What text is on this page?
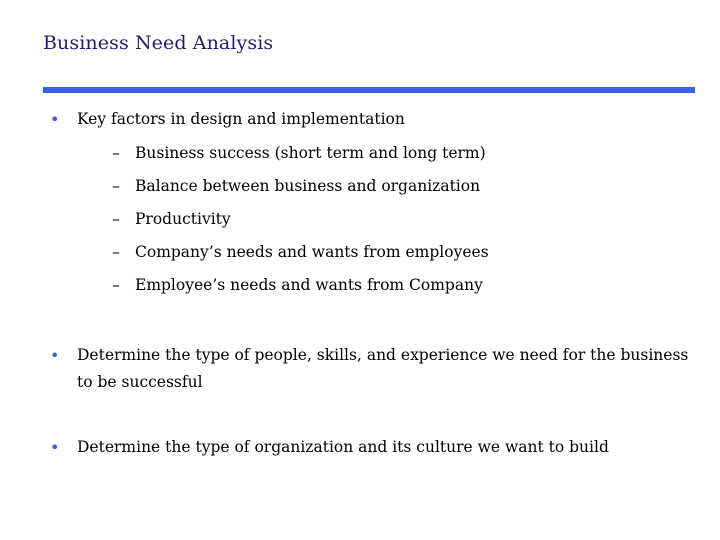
Business Need Analysis
• Key factors in design and implementation
– Business success (short term and long term)
– Balance between business and organization
– Productivity
– Company’s needs and wants from employees
– Employee’s needs and wants from Company
• Determine the type of people, skills, and experience we need for the business to be successful
• Determine the type of organization and its culture we want to build
